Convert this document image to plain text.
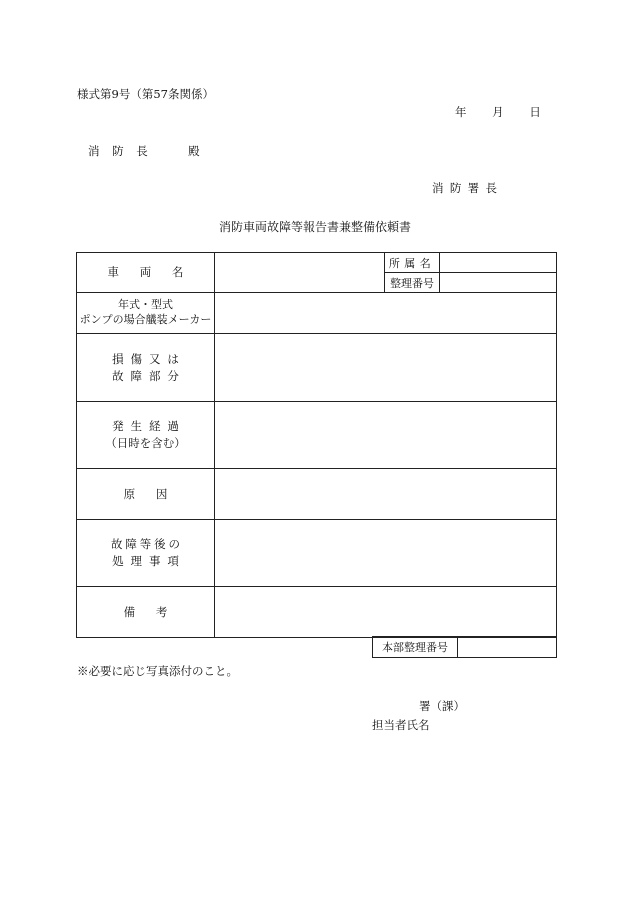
様式第9号（第57条関係）
年 月 日
消防長 殿
消防署長
消防車両故障等報告書兼整備依頼書
車両名		所属名	
		整理番号	

年式・型式
ポンプの場合艤装メーカー			

損傷又は
故障部分			

発生経過
（日時を含む）			

原因			

故障等後の
処理事項			

備考			
本部整理番号	
※必要に応じ写真添付のこと。
署（課）
担当者氏名
